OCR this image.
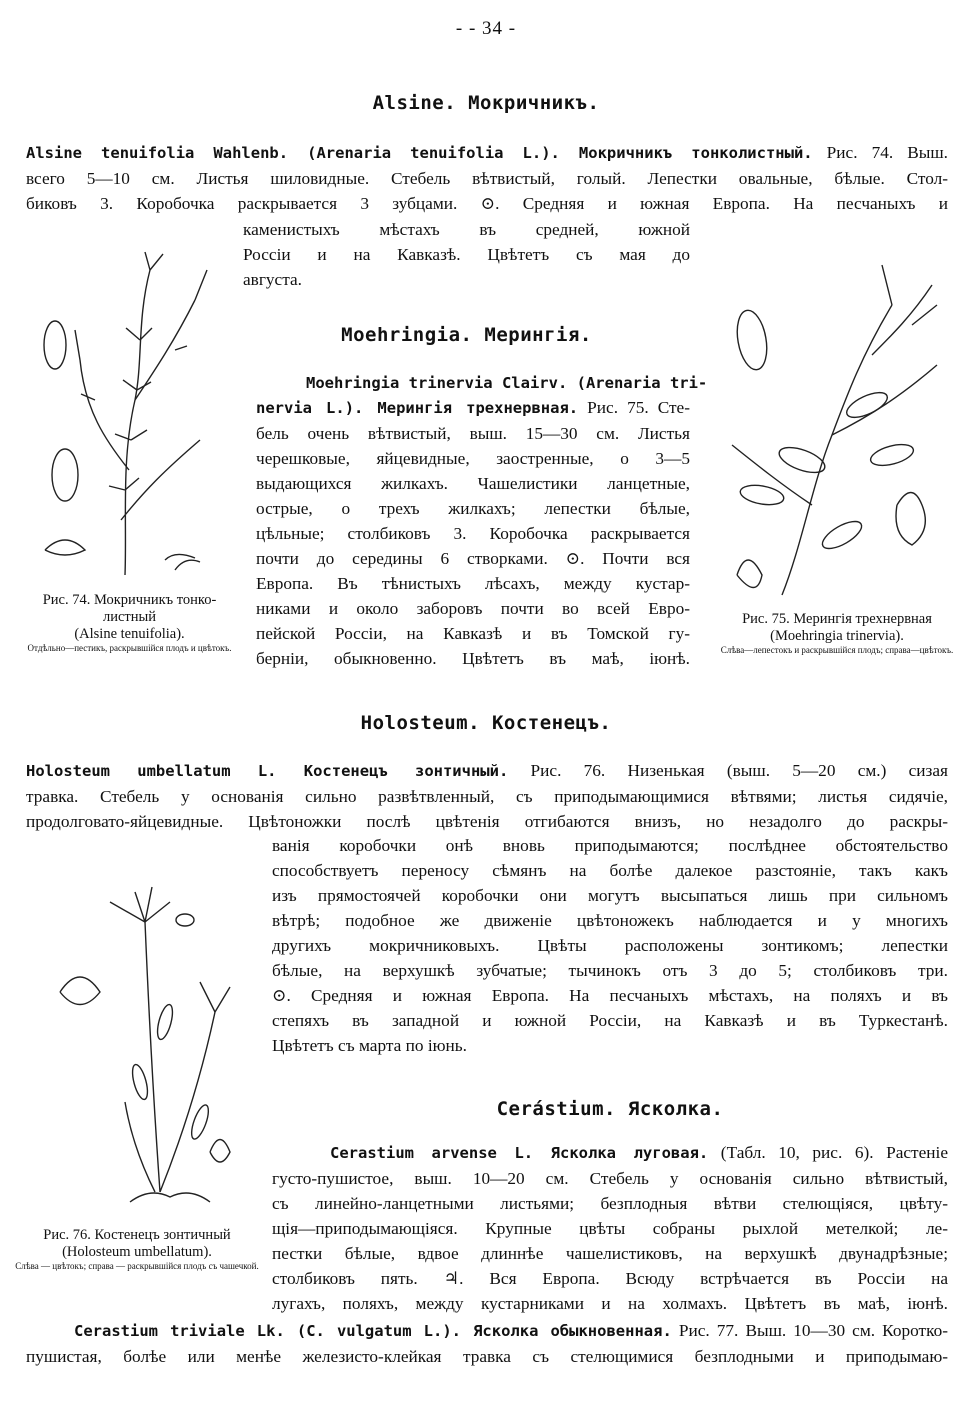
- - 34 -
Alsine. Мокричникъ.
Alsine tenuifolia Wahlenb. (Arenaria tenuifolia L.). Мокричникъ тонколистный. Рис. 74. Выш.
всего 5—10 см. Листья шиловидные. Стебель вѣтвистый, голый. Лепестки овальные, бѣлые. Стол-
биковъ 3. Коробочка раскрывается 3 зубцами. ⊙. Средняя и южная Европа. На песчаныхъ и
каменистыхъ мѣстахъ въ средней, южной
Россіи и на Кавказѣ. Цвѣтетъ съ мая до
августа.
Рис. 74. Мокричникъ тонко-
листный
(Alsine tenuifolia).
Отдѣльно—пестикъ, раскрывшійся плодъ и цвѣтокъ.
Moehringia. Мерингія.
Moehringia trinervia Clairv. (Arenaria tri-
nervia L.). Мерингія трехнервная. Рис. 75. Сте-
бель очень вѣтвистый, выш. 15—30 см. Листья
черешковые, яйцевидные, заостренные, о 3—5
выдающихся жилкахъ. Чашелистики ланцетные,
острые, о трехъ жилкахъ; лепестки бѣлые,
цѣльные; столбиковъ 3. Коробочка раскрывается
почти до середины 6 створками. ⊙. Почти вся
Европа. Въ тѣнистыхъ лѣсахъ, между кустар-
никами и около заборовъ почти во всей Евро-
пейской Россіи, на Кавказѣ и въ Томской гу-
берніи, обыкновенно. Цвѣтетъ въ маѣ, іюнѣ.
Рис. 75. Мерингія трехнервная
(Moehringia trinervia).
Слѣва—лепестокъ и раскрывшійся плодъ; справа—цвѣтокъ.
Holosteum. Костенецъ.
Holosteum umbellatum L. Костенецъ зонтичный. Рис. 76. Низенькая (выш. 5—20 см.) сизая
травка. Стебель у основанія сильно развѣтвленный, съ приподымающимися вѣтвями; листья сидячіе,
продолговато-яйцевидные. Цвѣтоножки послѣ цвѣтенія отгибаются внизъ, но незадолго до раскры-
ванія коробочки онѣ вновь приподымаются; послѣднее обстоятельство
способствуетъ переносу сѣмянъ на болѣе далекое разстояніе, такъ какъ
изъ прямостоячей коробочки они могутъ высыпаться лишь при сильномъ
вѣтрѣ; подобное же движеніе цвѣтоножекъ наблюдается и у многихъ
другихъ мокричниковыхъ. Цвѣты расположены зонтикомъ; лепестки
бѣлые, на верхушкѣ зубчатые; тычинокъ отъ 3 до 5; столбиковъ три.
⊙. Средняя и южная Европа. На песчаныхъ мѣстахъ, на поляхъ и въ
степяхъ въ западной и южной Россіи, на Кавказѣ и въ Туркестанѣ.
Цвѣтетъ съ марта по іюнь.
Рис. 76. Костенецъ зонтичный
(Holosteum umbellatum).
Слѣва — цвѣтокъ; справа — раскрывшійся плодъ съ чашечкой.
Cerástium. Ясколка.
Cerastium arvense L. Ясколка луговая. (Табл. 10, рис. 6). Растеніе
густо-пушистое, выш. 10—20 см. Стебель у основанія сильно вѣтвистый,
съ линейно-ланцетными листьями; безплодныя вѣтви стелющіяся, цвѣту-
щія—приподымающіяся. Крупные цвѣты собраны рыхлой метелкой; ле-
пестки бѣлые, вдвое длиннѣе чашелистиковъ, на верхушкѣ двунадрѣзные;
столбиковъ пять. ♃. Вся Европа. Всюду встрѣчается въ Россіи на
лугахъ, поляхъ, между кустарниками и на холмахъ. Цвѣтетъ въ маѣ, іюнѣ.
Cerastium triviale Lk. (C. vulgatum L.). Ясколка обыкновенная. Рис. 77. Выш. 10—30 см. Коротко-
пушистая, болѣе или менѣе железисто-клейкая травка съ стелющимися безплодными и приподымаю-
